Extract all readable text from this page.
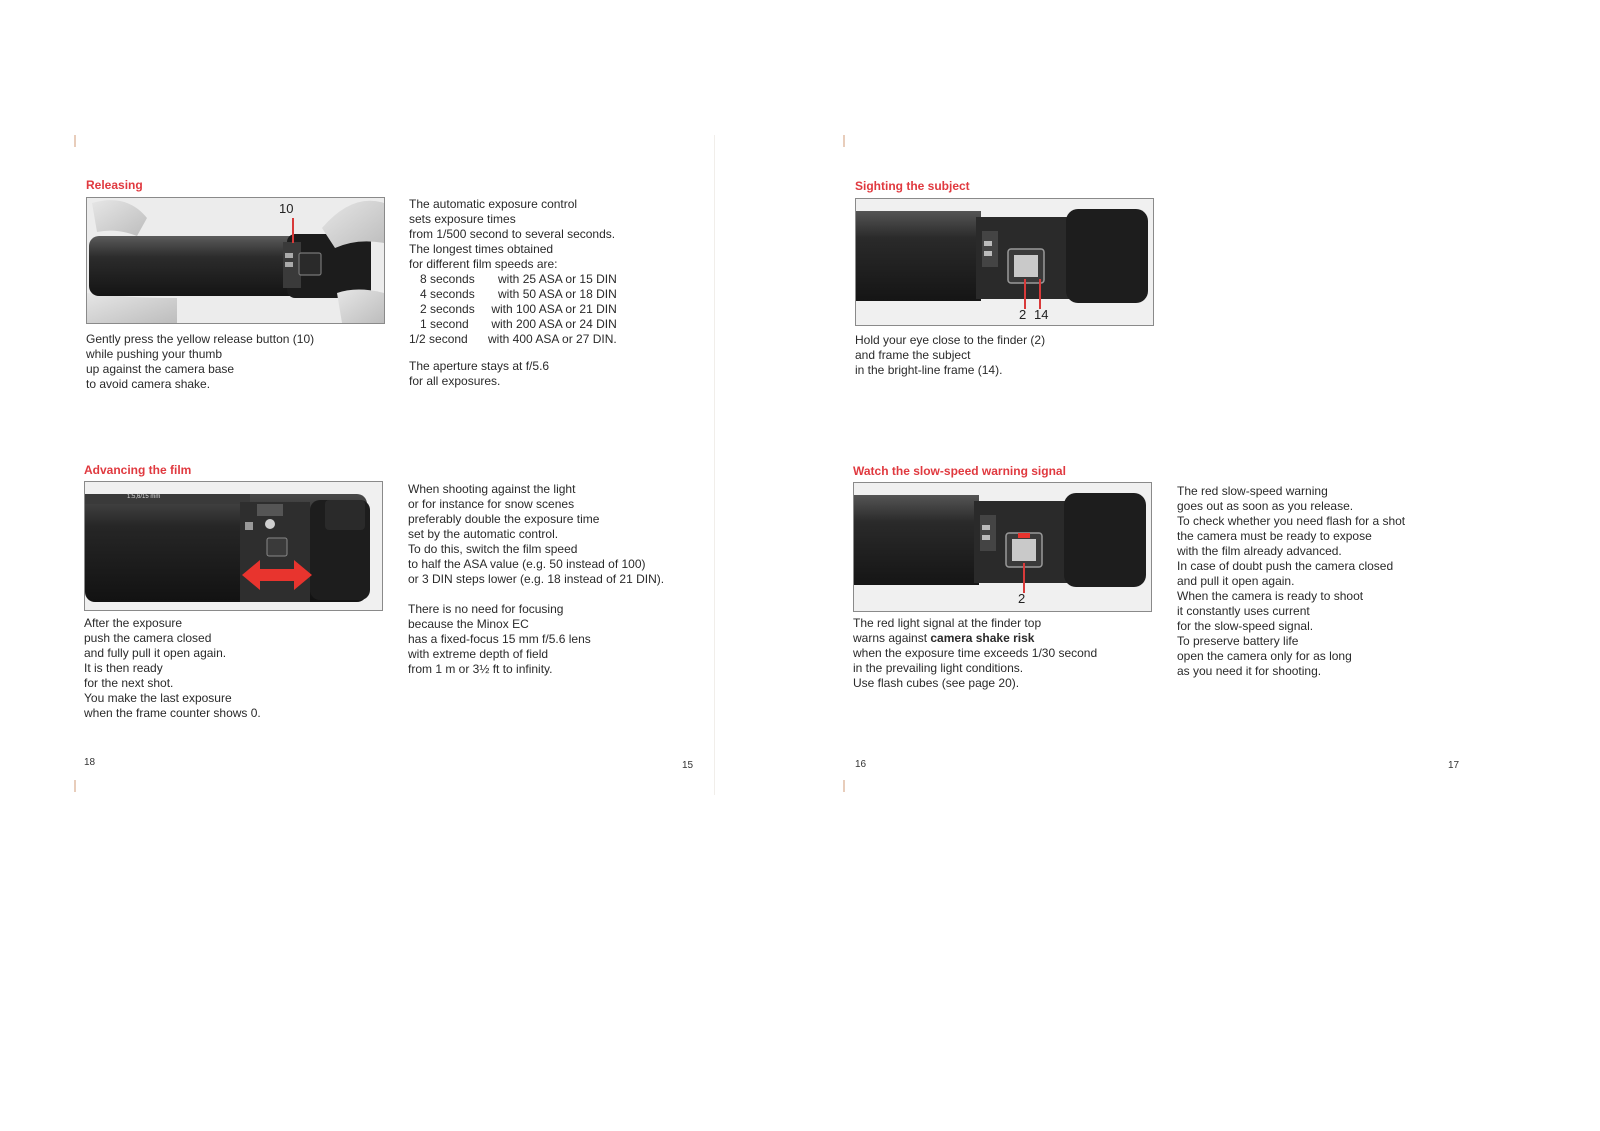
Releasing
10

Gently press the yellow release button (10)

while pushing your thumb

up against the camera base

to avoid camera shake.

The automatic exposure control

sets exposure times

from 1/500 second to several seconds.

The longest times obtained

for different film speeds are:

8 seconds	with 25 ASA or 15 DIN
4 seconds	with 50 ASA or 18 DIN
2 seconds	with 100 ASA or 21 DIN
1 second	with 200 ASA or 24 DIN
1/2 second	with 400 ASA or 27 DIN.

The aperture stays at f/5.6

for all exposures.

Advancing the film
1:5,6/15 mm

After the exposure

push the camera closed

and fully pull it open again.

It is then ready

for the next shot.

You make the last exposure

when the frame counter shows 0.

When shooting against the light

or for instance for snow scenes

preferably double the exposure time

set by the automatic control.

To do this, switch the film speed

to half the ASA value (e.g. 50 instead of 100)

or 3 DIN steps lower (e.g. 18 instead of 21 DIN).

There is no need for focusing

because the Minox EC

has a fixed-focus 15 mm f/5.6 lens

with extreme depth of field

from 1 m or 3½ ft to infinity.

18	15
Sighting the subject
2 14

Hold your eye close to the finder (2)

and frame the subject

in the bright-line frame (14).

Watch the slow-speed warning signal
2

The red light signal at the finder top

warns against camera shake risk

when the exposure time exceeds 1/30 second

in the prevailing light conditions.

Use flash cubes (see page 20).

The red slow-speed warning

goes out as soon as you release.

To check whether you need flash for a shot

the camera must be ready to expose

with the film already advanced.

In case of doubt push the camera closed

and pull it open again.

When the camera is ready to shoot

it constantly uses current

for the slow-speed signal.

To preserve battery life

open the camera only for as long

as you need it for shooting.

16	17
